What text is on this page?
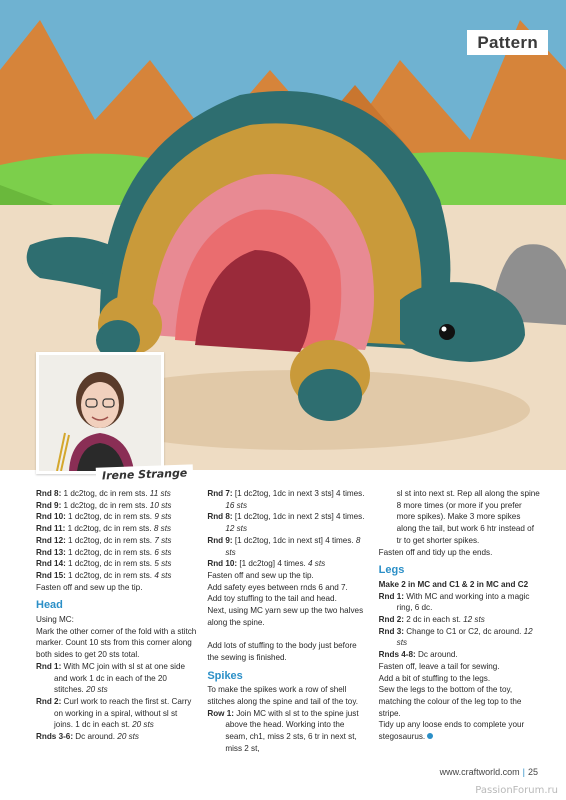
Pattern
Irene Strange

Rnd 8: 1 dc2tog, dc in rem sts. 11 sts

Rnd 9: 1 dc2tog, dc in rem sts. 10 sts

Rnd 10: 1 dc2tog, dc in rem sts. 9 sts

Rnd 11: 1 dc2tog, dc in rem sts. 8 sts

Rnd 12: 1 dc2tog, dc in rem sts. 7 sts

Rnd 13: 1 dc2tog, dc in rem sts. 6 sts

Rnd 14: 1 dc2tog, dc in rem sts. 5 sts

Rnd 15: 1 dc2tog, dc in rem sts. 4 sts

Fasten off and sew up the tip.

Head

Using MC:

Mark the other corner of the fold with a stitch marker. Count 10 sts from this corner along both sides to get 20 sts total.

Rnd 1: With MC join with sl st at one side and work 1 dc in each of the 20 stitches. 20 sts

Rnd 2: Curl work to reach the first st. Carry on working in a spiral, without sl st joins. 1 dc in each st. 20 sts

Rnds 3-6: Dc around. 20 sts

Rnd 7: [1 dc2tog, 1dc in next 3 sts] 4 times. 16 sts

Rnd 8: [1 dc2tog, 1dc in next 2 sts] 4 times. 12 sts

Rnd 9: [1 dc2tog, 1dc in next st] 4 times. 8 sts

Rnd 10: [1 dc2tog] 4 times. 4 sts

Fasten off and sew up the tip.

Add safety eyes between rnds 6 and 7.

Add toy stuffing to the tail and head.

Next, using MC yarn sew up the two halves along the spine.

Add lots of stuffing to the body just before the sewing is finished.

Spikes

To make the spikes work a row of shell stitches along the spine and tail of the toy.

Row 1: Join MC with sl st to the spine just above the head. Working into the seam, ch1, miss 2 sts, 6 tr in next st, miss 2 st,

sl st into next st. Rep all along the spine 8 more times (or more if you prefer more spikes). Make 3 more spikes along the tail, but work 6 htr instead of tr to get shorter spikes.

Fasten off and tidy up the ends.

Legs

Make 2 in MC and C1 & 2 in MC and C2

Rnd 1: With MC and working into a magic ring, 6 dc.

Rnd 2: 2 dc in each st. 12 sts

Rnd 3: Change to C1 or C2, dc around. 12 sts

Rnds 4-8: Dc around.

Fasten off, leave a tail for sewing.

Add a bit of stuffing to the legs.

Sew the legs to the bottom of the toy, matching the colour of the leg top to the stripe.

Tidy up any loose ends to complete your stegosaurus.

www.craftworld.com | 25
PassionForum.ru
